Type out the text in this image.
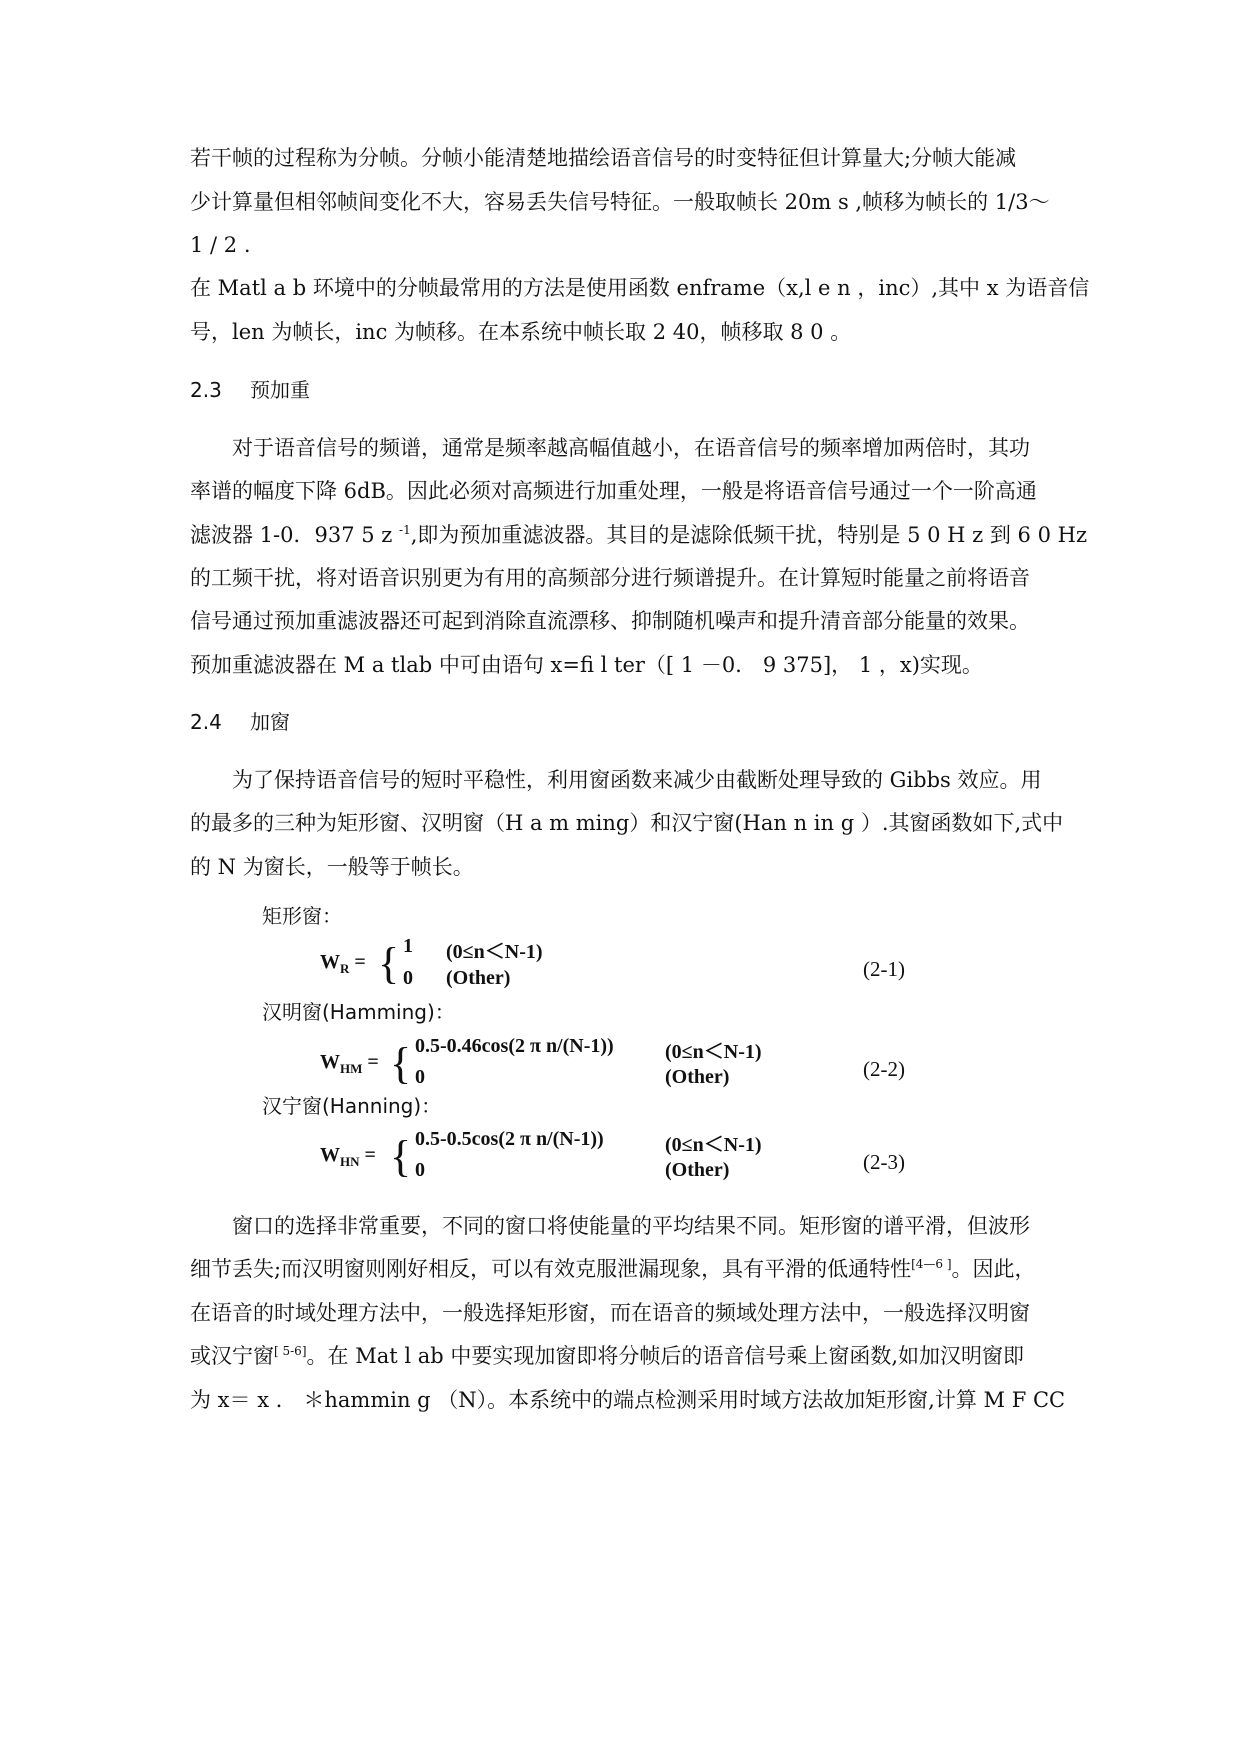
若干帧的过程称为分帧。分帧小能清楚地描绘语音信号的时变特征但计算量大;分帧大能减
少计算量但相邻帧间变化不大，容易丢失信号特征。一般取帧长 20m s ,帧移为帧长的 1/3～
1 / 2 .
在 Matl a b 环境中的分帧最常用的方法是使用函数 enframe（x,l e n ，inc）,其中 x 为语音信
号，len 为帧长，inc 为帧移。在本系统中帧长取 2 40，帧移取 8 0 。
2.3 预加重
对于语音信号的频谱，通常是频率越高幅值越小，在语音信号的频率增加两倍时，其功
率谱的幅度下降 6dB。因此必须对高频进行加重处理，一般是将语音信号通过一个一阶高通
滤波器 1-0．937 5 z $^{-1}$,即为预加重滤波器。其目的是滤除低频干扰，特别是 5 0 H z 到 6 0 Hz
的工频干扰，将对语音识别更为有用的高频部分进行频谱提升。在计算短时能量之前将语音
信号通过预加重滤波器还可起到消除直流漂移、抑制随机噪声和提升清音部分能量的效果。
预加重滤波器在 M a tlab 中可由语句 x=fi l ter（[ 1 －0． 9 375]， 1 ，x)实现。
2.4 加窗
为了保持语音信号的短时平稳性，利用窗函数来减少由截断处理导致的 Gibbs 效应。用
的最多的三种为矩形窗、汉明窗（H a m ming）和汉宁窗(Han n in g ）.其窗函数如下,式中
的 N 为窗长，一般等于帧长。
矩形窗：
$W_R$ = { 1 (0≤n＜N-1)
0 (Other)	(2-1)
汉明窗(Hamming)：
$W_{HM}$ = { 0.5-0.46cos(2 π n/(N-1))	(0≤n＜N-1)
0	(Other)	(2-2)
汉宁窗(Hanning)：
$W_{HN}$ = { 0.5-0.5cos(2 π n/(N-1))	(0≤n＜N-1)
0	(Other)	(2-3)
窗口的选择非常重要，不同的窗口将使能量的平均结果不同。矩形窗的谱平滑，但波形
细节丢失;而汉明窗则刚好相反，可以有效克服泄漏现象，具有平滑的低通特性[4—6 ]。因此，
在语音的时域处理方法中，一般选择矩形窗，而在语音的频域处理方法中，一般选择汉明窗
或汉宁窗[ 5-6]。在 Mat l ab 中要实现加窗即将分帧后的语音信号乘上窗函数,如加汉明窗即
为 x＝ x ． ＊hammin g （N）。本系统中的端点检测采用时域方法故加矩形窗,计算 M F CC
